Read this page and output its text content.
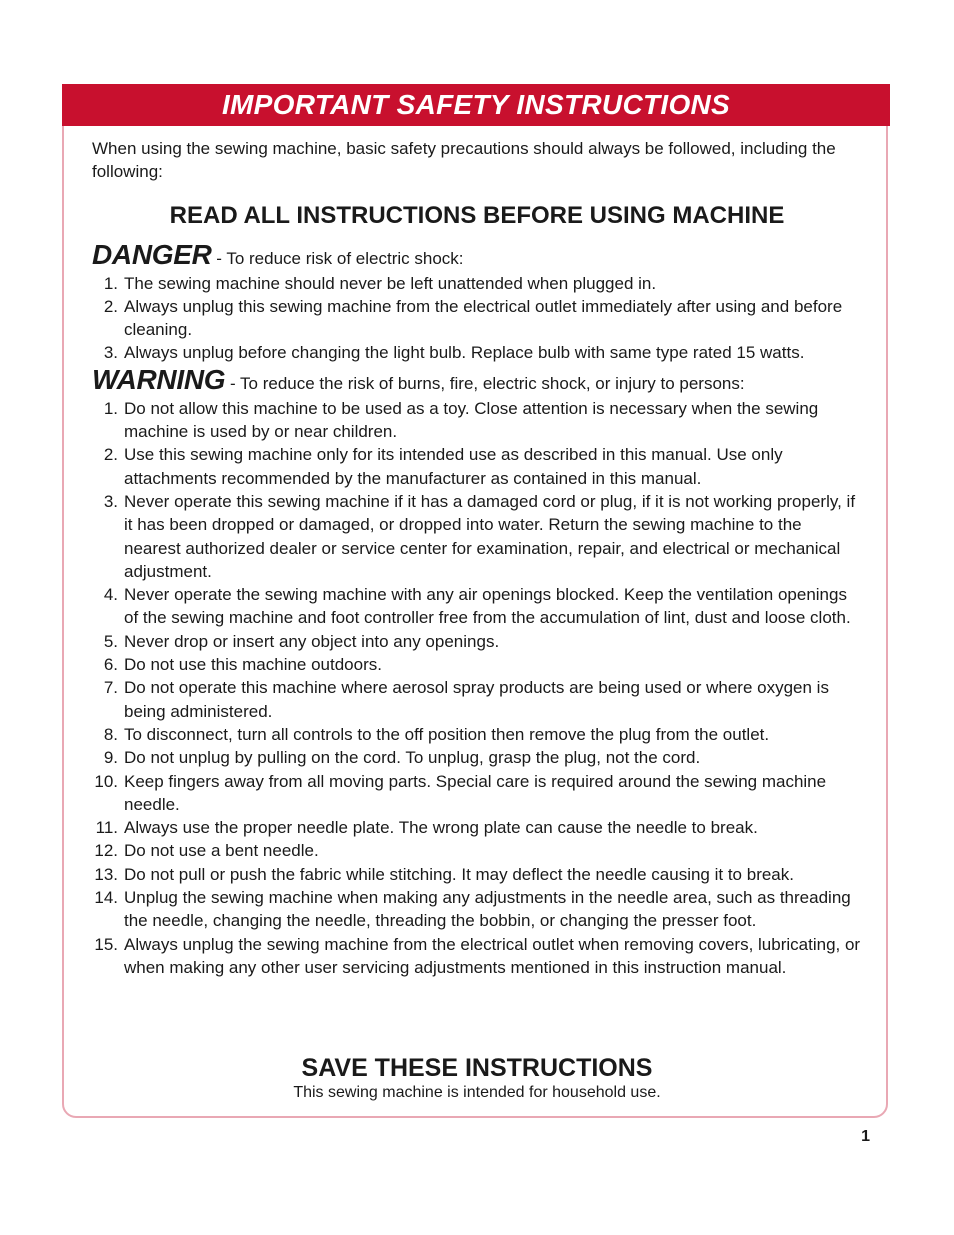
IMPORTANT SAFETY INSTRUCTIONS

When using the sewing machine, basic safety precautions should always be followed, including the following:

READ ALL INSTRUCTIONS BEFORE USING MACHINE
DANGER - To reduce risk of electric shock:
1. The sewing machine should never be left unattended when plugged in.
2. Always unplug this sewing machine from the electrical outlet immediately after using and before cleaning.
3. Always unplug before changing the light bulb. Replace bulb with same type rated 15 watts.
WARNING - To reduce the risk of burns, fire, electric shock, or injury to persons:
1. Do not allow this machine to be used as a toy. Close attention is necessary when the sewing machine is used by or near children.
2. Use this sewing machine only for its intended use as described in this manual. Use only attachments recommended by the manufacturer as contained in this manual.
3. Never operate this sewing machine if it has a damaged cord or plug, if it is not working properly, if it has been dropped or damaged, or dropped into water. Return the sewing machine to the nearest authorized dealer or service center for examination, repair, and electrical or mechanical adjustment.
4. Never operate the sewing machine with any air openings blocked. Keep the ventilation openings of the sewing machine and foot controller free from the accumulation of lint, dust and loose cloth.
5. Never drop or insert any object into any openings.
6. Do not use this machine outdoors.
7. Do not operate this machine where aerosol spray products are being used or where oxygen is being administered.
8. To disconnect, turn all controls to the off position then remove the plug from the outlet.
9. Do not unplug by pulling on the cord. To unplug, grasp the plug, not the cord.
10. Keep fingers away from all moving parts. Special care is required around the sewing machine needle.
11. Always use the proper needle plate. The wrong plate can cause the needle to break.
12. Do not use a bent needle.
13. Do not pull or push the fabric while stitching. It may deflect the needle causing it to break.
14. Unplug the sewing machine when making any adjustments in the needle area, such as threading the needle, changing the needle, threading the bobbin, or changing the presser foot.
15. Always unplug the sewing machine from the electrical outlet when removing covers, lubricating, or when making any other user servicing adjustments mentioned in this instruction manual.
SAVE THESE INSTRUCTIONS
This sewing machine is intended for household use.
1
